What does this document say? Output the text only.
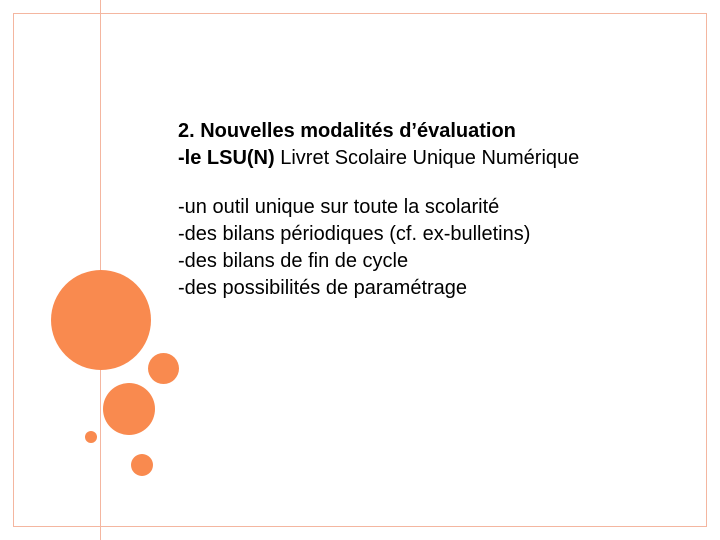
2. Nouvelles modalités d’évaluation
-le LSU(N) Livret Scolaire Unique Numérique
-un outil unique sur toute la scolarité
-des bilans périodiques (cf. ex-bulletins)
-des bilans de fin de cycle
-des possibilités de paramétrage
